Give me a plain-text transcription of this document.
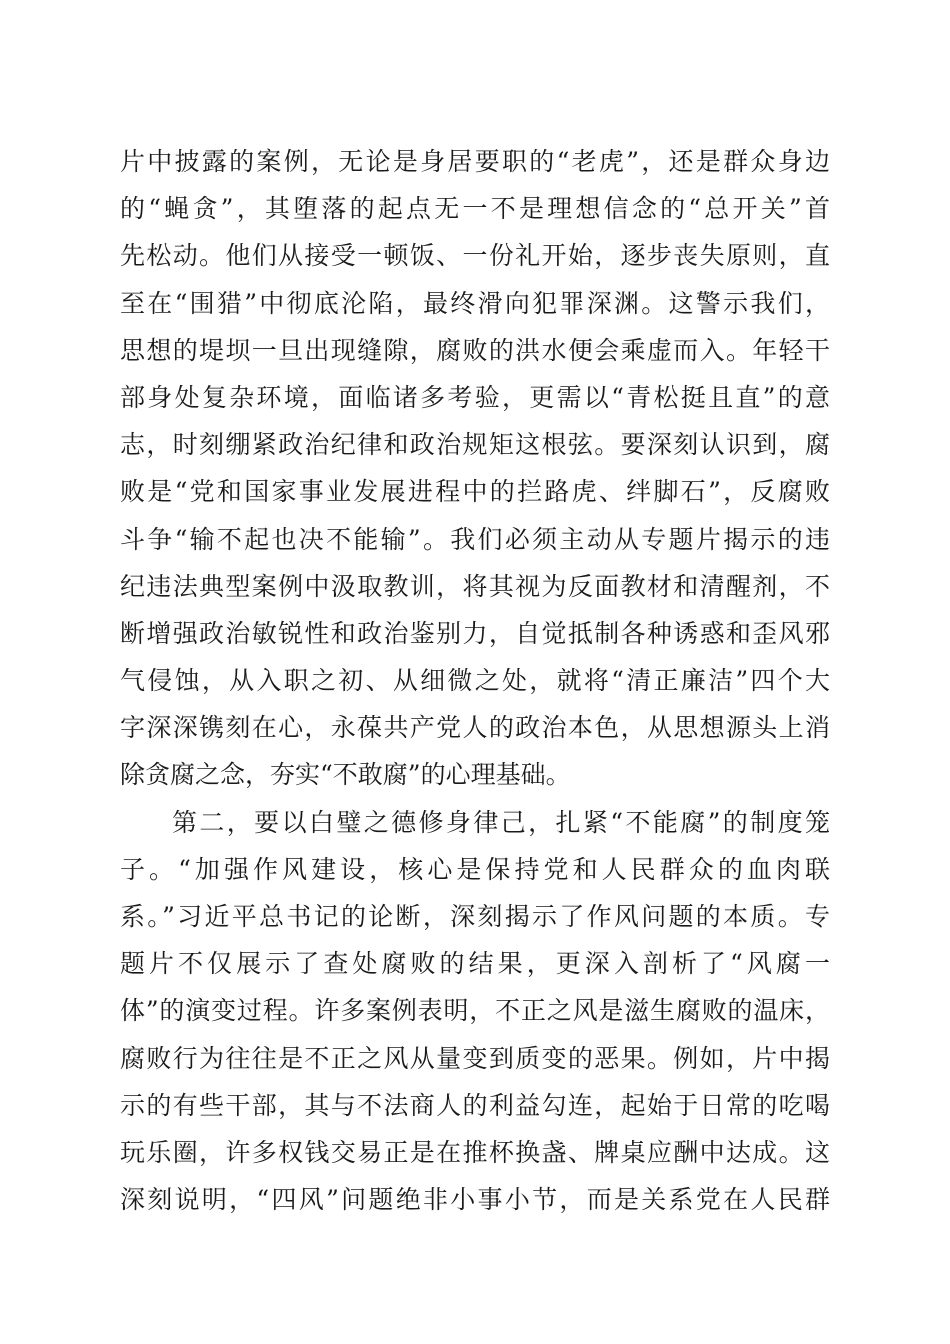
片中披露的案例，无论是身居要职的“老虎”，还是群众身边
的“蝇贪”，其堕落的起点无一不是理想信念的“总开关”首
先松动。他们从接受一顿饭、一份礼开始，逐步丧失原则，直
至在“围猎”中彻底沦陷，最终滑向犯罪深渊。这警示我们，
思想的堤坝一旦出现缝隙，腐败的洪水便会乘虚而入。年轻干
部身处复杂环境，面临诸多考验，更需以“青松挺且直”的意
志，时刻绷紧政治纪律和政治规矩这根弦。要深刻认识到，腐
败是“党和国家事业发展进程中的拦路虎、绊脚石”，反腐败
斗争“输不起也决不能输”。我们必须主动从专题片揭示的违
纪违法典型案例中汲取教训，将其视为反面教材和清醒剂，不
断增强政治敏锐性和政治鉴别力，自觉抵制各种诱惑和歪风邪
气侵蚀，从入职之初、从细微之处，就将“清正廉洁”四个大
字深深镌刻在心，永葆共产党人的政治本色，从思想源头上消
除贪腐之念，夯实“不敢腐”的心理基础。
第二，要以白璧之德修身律己，扎紧“不能腐”的制度笼
子。“加强作风建设，核心是保持党和人民群众的血肉联
系。”习近平总书记的论断，深刻揭示了作风问题的本质。专
题片不仅展示了查处腐败的结果，更深入剖析了“风腐一
体”的演变过程。许多案例表明，不正之风是滋生腐败的温床，
腐败行为往往是不正之风从量变到质变的恶果。例如，片中揭
示的有些干部，其与不法商人的利益勾连，起始于日常的吃喝
玩乐圈，许多权钱交易正是在推杯换盏、牌桌应酬中达成。这
深刻说明，“四风”问题绝非小事小节，而是关系党在人民群
